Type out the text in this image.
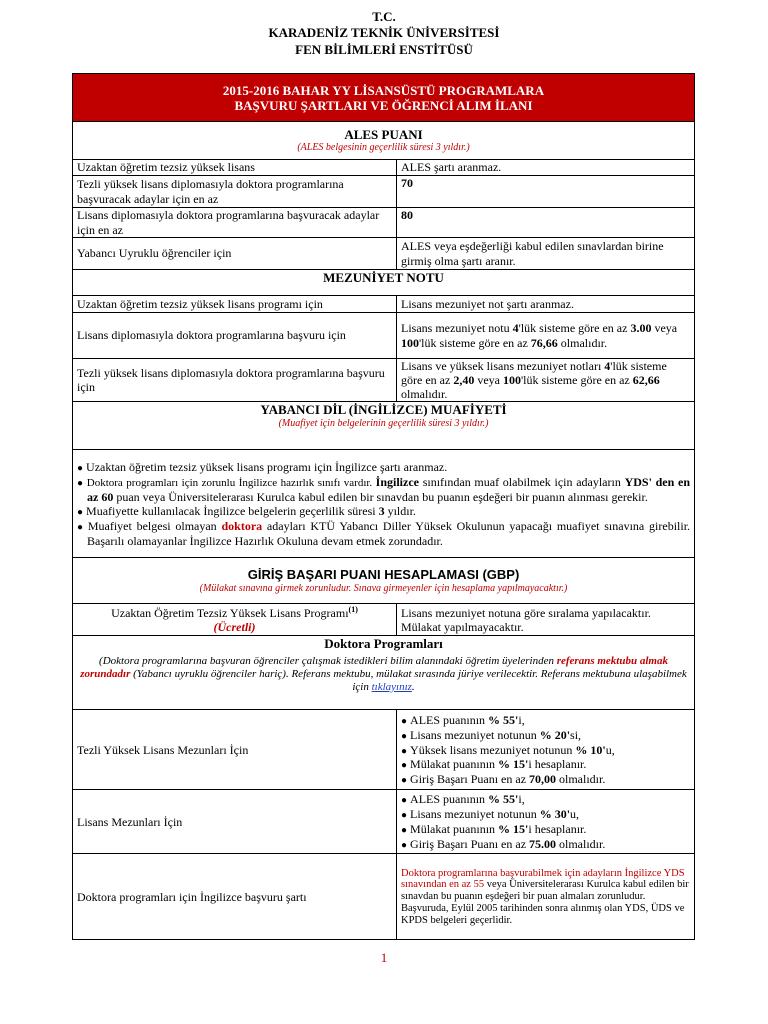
T.C.
KARADENİZ TEKNİK ÜNİVERSİTESİ
FEN BİLİMLERİ ENSTİTÜSÜ
2015-2016 BAHAR YY LİSANSÜSTÜ PROGRAMLARA
BAŞVURU ŞARTLARI VE ÖĞRENCİ ALIM İLANI	

ALES PUANI
(ALES belgesinin geçerlilik süresi 3 yıldır.)	

Uzaktan öğretim tezsiz yüksek lisans	ALES şartı aranmaz.
Tezli yüksek lisans diplomasıyla doktora programlarına başvuracak adaylar için en az	70
Lisans diplomasıyla doktora programlarına başvuracak adaylar için en az	80
Yabancı Uyruklu öğrenciler için	ALES veya eşdeğerliği kabul edilen sınavlardan birine girmiş olma şartı aranır.

MEZUNİYET NOTU	

Uzaktan öğretim tezsiz yüksek lisans programı için	Lisans mezuniyet not şartı aranmaz.
Lisans diplomasıyla doktora programlarına başvuru için	Lisans mezuniyet notu 4'lük sisteme göre en az 3.00 veya 100'lük sisteme göre en az 76,66 olmalıdır.
Tezli yüksek lisans diplomasıyla doktora programlarına başvuru için	Lisans ve yüksek lisans mezuniyet notları 4'lük sisteme göre en az 2,40 veya 100'lük sisteme göre en az 62,66 olmalıdır.

YABANCI DİL (İNGİLİZCE) MUAFİYETİ
(Muafiyet için belgelerinin geçerlilik süresi 3 yıldır.)	

● Uzaktan öğretim tezsiz yüksek lisans programı için İngilizce şartı aranmaz.
● Doktora programları için zorunlu İngilizce hazırlık sınıfı vardır. İngilizce sınıfından muaf olabilmek için adayların YDS' den en az 60 puan veya Üniversitelerarası Kurulca kabul edilen bir sınavdan bu puanın eşdeğeri bir puanın alınması gerekir.
● Muafiyette kullanılacak İngilizce belgelerin geçerlilik süresi 3 yıldır.
● Muafiyet belgesi olmayan doktora adayları KTÜ Yabancı Diller Yüksek Okulunun yapacağı muafiyet sınavına girebilir. Başarılı olamayanlar İngilizce Hazırlık Okuluna devam etmek zorundadır.

GİRİŞ BAŞARI PUANI HESAPLAMASI (GBP)
(Mülakat sınavına girmek zorunludur. Sınava girmeyenler için hesaplama yapılmayacaktır.)	

Uzaktan Öğretim Tezsiz Yüksek Lisans Programı$^{(1)}$
(Ücretli)	Lisans mezuniyet notuna göre sıralama yapılacaktır. Mülakat yapılmayacaktır.

Doktora Programları
(Doktora programlarına başvuran öğrenciler çalışmak istedikleri bilim alanındaki öğretim üyelerinden referans mektubu almak zorundadır (Yabancı uyruklu öğrenciler hariç). Referans mektubu, mülakat sırasında jüriye verilecektir. Referans mektubuna ulaşabilmek için tıklayınız.	

Tezli Yüksek Lisans Mezunları İçin	● ALES puanının % 55'i,
● Lisans mezuniyet notunun % 20'si,
● Yüksek lisans mezuniyet notunun % 10'u,
● Mülakat puanının % 15'i hesaplanır.
● Giriş Başarı Puanı en az 70,00 olmalıdır.

Lisans Mezunları İçin	● ALES puanının % 55'i,
● Lisans mezuniyet notunun % 30'u,
● Mülakat puanının % 15'i hesaplanır.
● Giriş Başarı Puanı en az 75.00 olmalıdır.

Doktora programları için İngilizce başvuru şartı	Doktora programlarına başvurabilmek için adayların İngilizce YDS sınavından en az 55 veya Üniversitelerarası Kurulca kabul edilen bir sınavdan bu puanın eşdeğeri bir puan almaları zorunludur.
Başvuruda, Eylül 2005 tarihinden sonra alınmış olan YDS, ÜDS ve KPDS belgeleri geçerlidir.
1
